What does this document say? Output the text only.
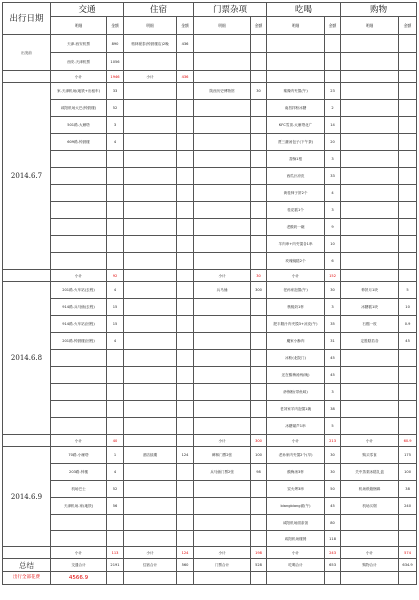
出行日期	交通		住宿		门票杂项		吃喝		购物	
	明细	金额	明细	金额	明细	金额	明细	金额	明细	金额
出发前	天津-西安机票	890	格林豪泰(钟鼓楼店)2晚	436						
	西安-天津机票	1056								
	小计	1946	小计	436						
2014.6.7	家-天津机场(地铁+出租车)	33			陕西历史博物馆	30	秦豫肉夹馍(午)	23		
	咸阳机场大巴(钟鼓楼)	52					南昌拌粉冰糖	2		
	501路-大雁塔	3					KFC雪顶-大雁塔北广	14		
	609路-钟鼓楼	4					贾三灌汤包子(下午茶)	20		
							香酥1根	3		
							西瓜汁凉皮	33		
							黄桂柿子饼2个	4		
							桂花糕1个	3		
							老酸奶一碗	9		
							羊肉串+肉夹馍各1串	10		
							玫瑰镜糕2个	6		
	小计	92			小计	30	小计	152		
2014.6.8	201路-火车站(去程)	4			兵马俑	300	老孙家泡馍(午)	30	柿饼月1块	5
	914路-兵马俑(去程)	15					核桃奶1杯	3	冰糖糕1块	10
	914路-火车站(回程)	15					肥丰腊汁肉夹馍3+凉皮(午)	35	石榴一枚	0.9
	201路-钟鼓楼(回程)	4					魔家小酥肉	31	定胜糕若各	45
							冰粉(北院门)	45		
							还在酸梅汤两(晚)	45		
							砂锅粉(带鱼味)	3		
							老刘家羊肉泡馍1碗	38		
							冰糖葫芦1串	5		
	小计	40			小计	300	小计	213	小计	60.9
2014.6.9	70路-小雁塔	1	酒店续期	124	碑林门票2张	100	老孙家肉夹馍2个(早)	30	购买零食	175
	203路-钟楼	4			兵马俑门票2张	98	酸梅汤3杯	30	关中蒸梨冰糕礼盒	100
	机场巴士	52					炭火烤3串	50	机场纸箱捆绑	38
	天津机场-家(地铁)	56					biangbiang面(午)	45	机场买烟	240
							咸阳机场面条饭	80		
							咸阳机场楼餐	118		
	小计	113	小计	124	小计	198	小计	243	小计	574
总结	交通合计	2191	住宿合计	560	门票合计	528	吃喝合计	653	购物合计	634.9
出行全部花费	4566.9									
